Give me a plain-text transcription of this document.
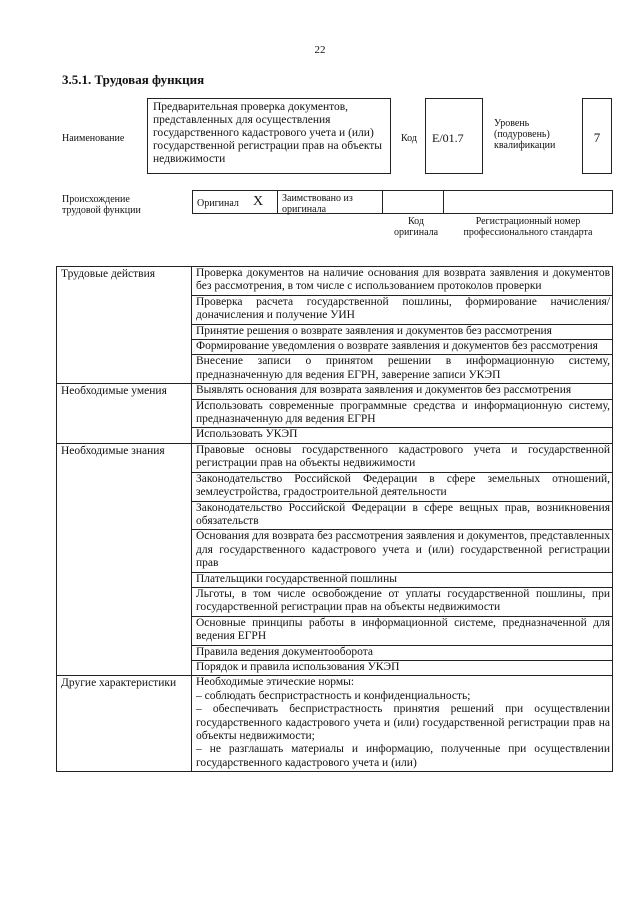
22
3.5.1. Трудовая функция
Наименование
Предварительная проверка документов, представленных для осуществления государственного кадастрового учета и (или) государственной регистрации прав на объекты недвижимости
Код	E/01.7
Уровень (подуровень) квалификации
7
Происхождение трудовой функции
Оригинал X	Заимствовано из оригинала
Код оригинала
Регистрационный номер профессионального стандарта
Трудовые действия	Проверка документов на наличие основания для возврата заявления и документов без рассмотрения, в том числе с использованием протоколов проверки
	Проверка расчета государственной пошлины, формирование начисления/доначисления и получение УИН
	Принятие решения о возврате заявления и документов без рассмотрения
	Формирование уведомления о возврате заявления и документов без рассмотрения
	Внесение записи о принятом решении в информационную систему, предназначенную для ведения ЕГРН, заверение записи УКЭП
Необходимые умения	Выявлять основания для возврата заявления и документов без рассмотрения
	Использовать современные программные средства и информационную систему, предназначенную для ведения ЕГРН
	Использовать УКЭП
Необходимые знания	Правовые основы государственного кадастрового учета и государственной регистрации прав на объекты недвижимости
	Законодательство Российской Федерации в сфере земельных отношений, землеустройства, градостроительной деятельности
	Законодательство Российской Федерации в сфере вещных прав, возникновения обязательств
	Основания для возврата без рассмотрения заявления и документов, представленных для государственного кадастрового учета и (или) государственной регистрации прав
	Плательщики государственной пошлины
	Льготы, в том числе освобождение от уплаты государственной пошлины, при государственной регистрации прав на объекты недвижимости
	Основные принципы работы в информационной системе, предназначенной для ведения ЕГРН
	Правила ведения документооборота
	Порядок и правила использования УКЭП
Другие характеристики	Необходимые этические нормы:
– соблюдать беспристрастность и конфиденциальность;
– обеспечивать беспристрастность принятия решений при осуществлении государственного кадастрового учета и (или) государственной регистрации прав на объекты недвижимости;
– не разглашать материалы и информацию, полученные при осуществлении государственного кадастрового учета и (или)
